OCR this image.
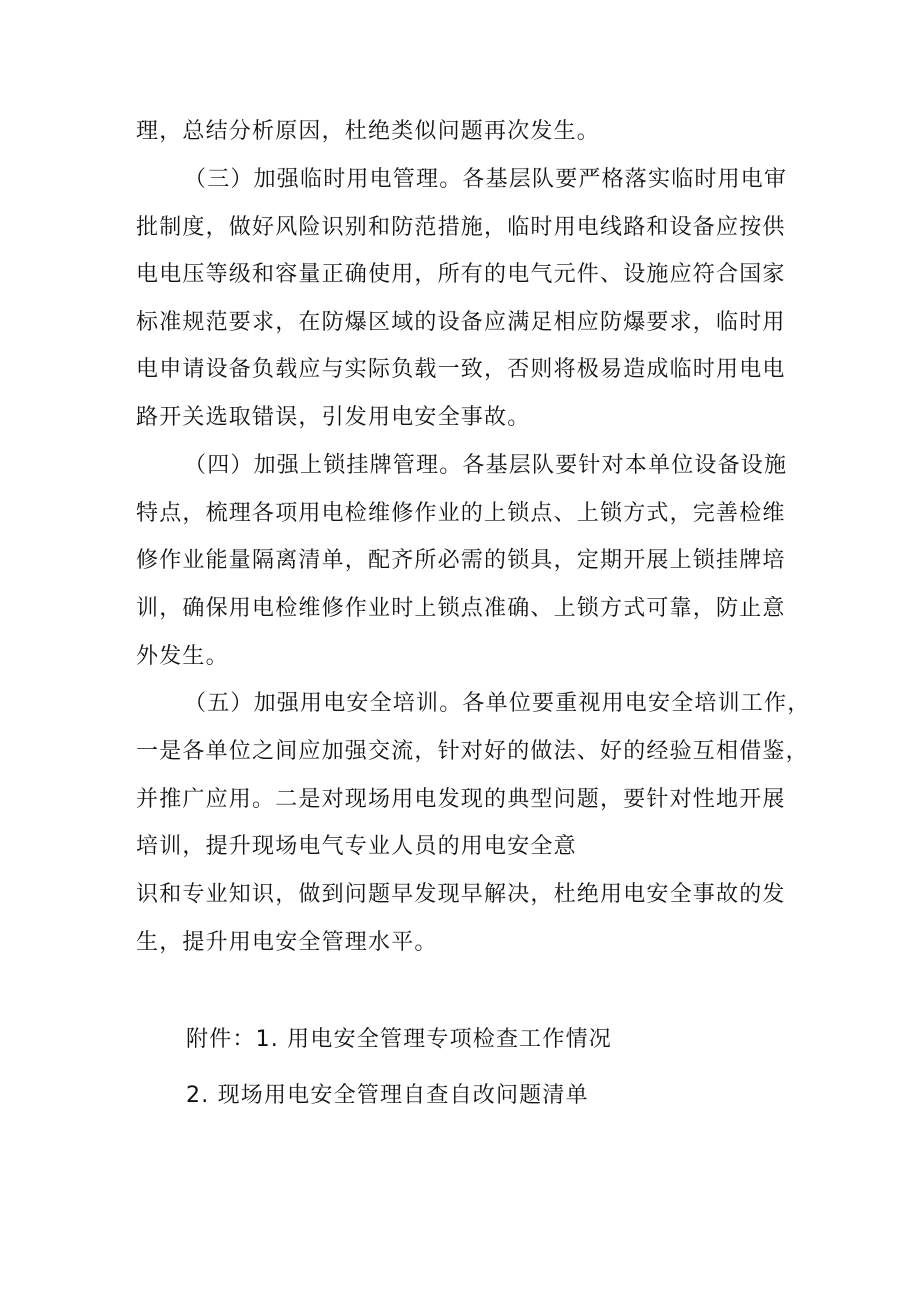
理，总结分析原因，杜绝类似问题再次发生。
（三）加强临时用电管理。各基层队要严格落实临时用电审
批制度，做好风险识别和防范措施，临时用电线路和设备应按供
电电压等级和容量正确使用，所有的电气元件、设施应符合国家
标准规范要求，在防爆区域的设备应满足相应防爆要求，临时用
电申请设备负载应与实际负载一致，否则将极易造成临时用电电
路开关选取错误，引发用电安全事故。
（四）加强上锁挂牌管理。各基层队要针对本单位设备设施
特点，梳理各项用电检维修作业的上锁点、上锁方式，完善检维
修作业能量隔离清单，配齐所必需的锁具，定期开展上锁挂牌培
训，确保用电检维修作业时上锁点准确、上锁方式可靠，防止意
外发生。
（五）加强用电安全培训。各单位要重视用电安全培训工作，
一是各单位之间应加强交流，针对好的做法、好的经验互相借鉴，
并推广应用。二是对现场用电发现的典型问题，要针对性地开展
培训，提升现场电气专业人员的用电安全意
识和专业知识，做到问题早发现早解决，杜绝用电安全事故的发
生，提升用电安全管理水平。
附件：1. 用电安全管理专项检查工作情况
2. 现场用电安全管理自查自改问题清单
